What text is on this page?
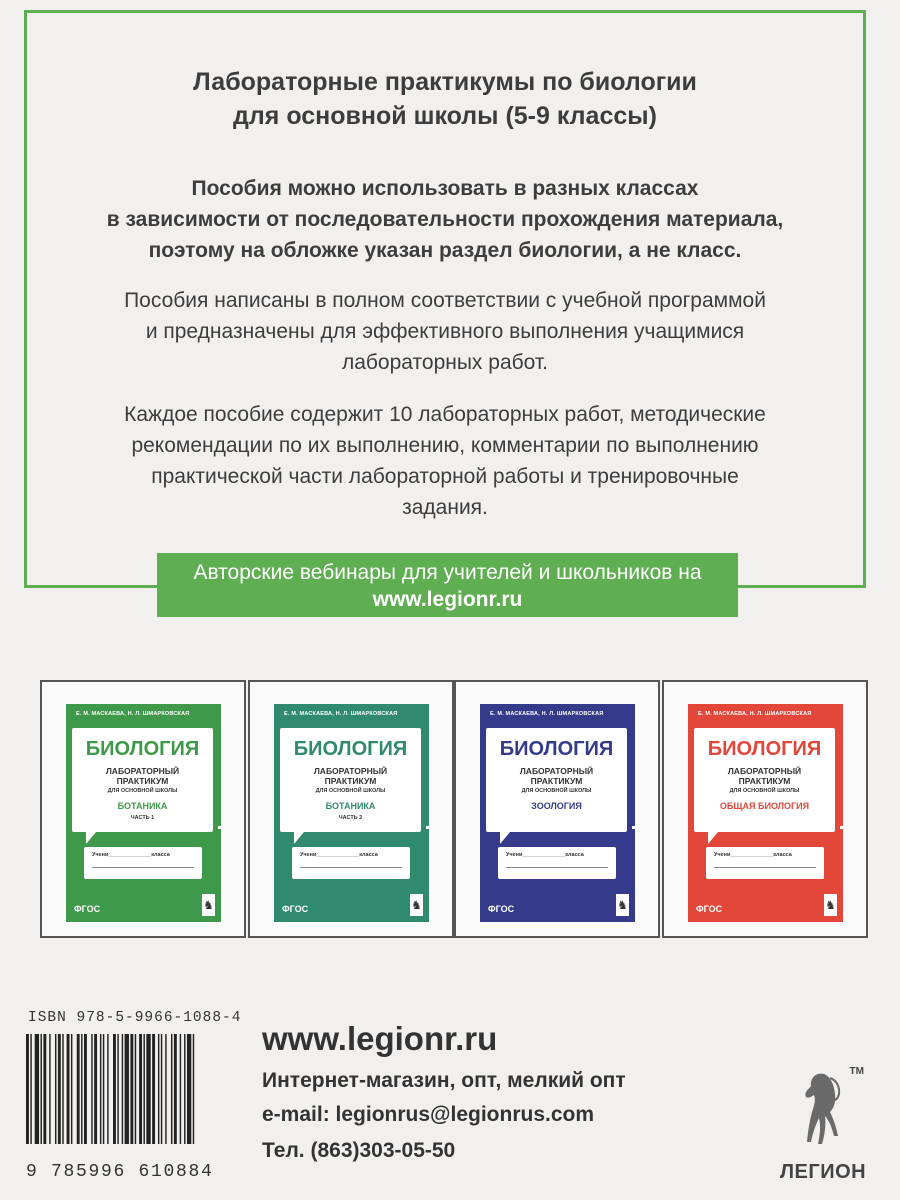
Лабораторные практикумы по биологии
для основной школы (5-9 классы)
Пособия можно использовать в разных классах
в зависимости от последовательности прохождения материала,
поэтому на обложке указан раздел биологии, а не класс.
Пособия написаны в полном соответствии с учебной программой
и предназначены для эффективного выполнения учащимися
лабораторных работ.
Каждое пособие содержит 10 лабораторных работ, методические
рекомендации по их выполнению, комментарии по выполнению
практической части лабораторной работы и тренировочные
задания.
Авторские вебинары для учителей и школьников на
www.legionr.ru
Е. М. МАСКАЕВА, Н. Л. ШМАРКОВСКАЯ
БИОЛОГИЯ
ЛАБОРАТОРНЫЙ
ПРАКТИКУМ
ДЛЯ ОСНОВНОЙ ШКОЛЫ
БОТАНИКА
ЧАСТЬ 1
Учени______________класса
ФГОС	♞
Е. М. МАСКАЕВА, Н. Л. ШМАРКОВСКАЯ
БИОЛОГИЯ
ЛАБОРАТОРНЫЙ
ПРАКТИКУМ
ДЛЯ ОСНОВНОЙ ШКОЛЫ
БОТАНИКА
ЧАСТЬ 2
Учени______________класса
ФГОС	♞
Е. М. МАСКАЕВА, Н. Л. ШМАРКОВСКАЯ
БИОЛОГИЯ
ЛАБОРАТОРНЫЙ
ПРАКТИКУМ
ДЛЯ ОСНОВНОЙ ШКОЛЫ
ЗООЛОГИЯ
Учени______________класса
ФГОС	♞
Е. М. МАСКАЕВА, Н. Л. ШМАРКОВСКАЯ
БИОЛОГИЯ
ЛАБОРАТОРНЫЙ
ПРАКТИКУМ
ДЛЯ ОСНОВНОЙ ШКОЛЫ
ОБЩАЯ БИОЛОГИЯ
Учени______________класса
ФГОС	♞
ISBN 978-5-9966-1088-4
9 785996 610884
www.legionr.ru
Интернет-магазин, опт, мелкий опт
e-mail: legionrus@legionrus.com
Тел. (863)303-05-50
TM
ЛЕГИОН
